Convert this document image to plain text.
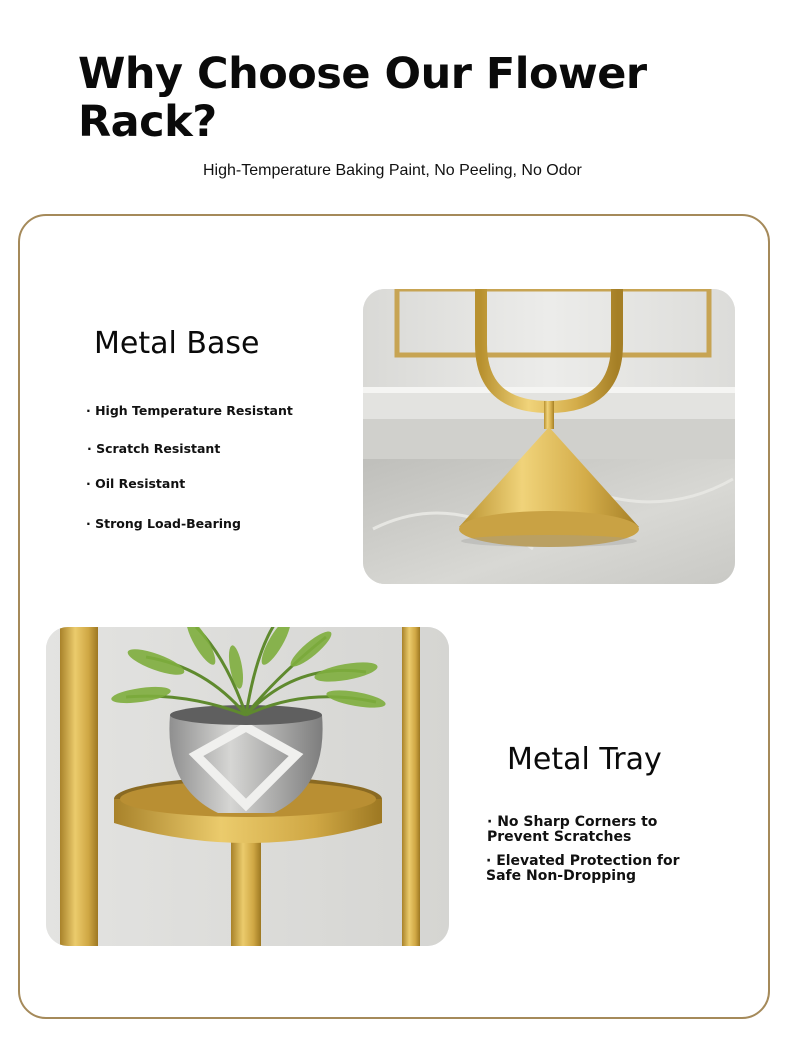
Why Choose Our Flower Rack?
High-Temperature Baking Paint, No Peeling, No Odor
Metal Base

· High Temperature Resistant

· Scratch Resistant

· Oil Resistant

· Strong Load-Bearing

Metal Tray

· No Sharp Corners to Prevent Scratches

· Elevated Protection for Safe Non-Dropping
